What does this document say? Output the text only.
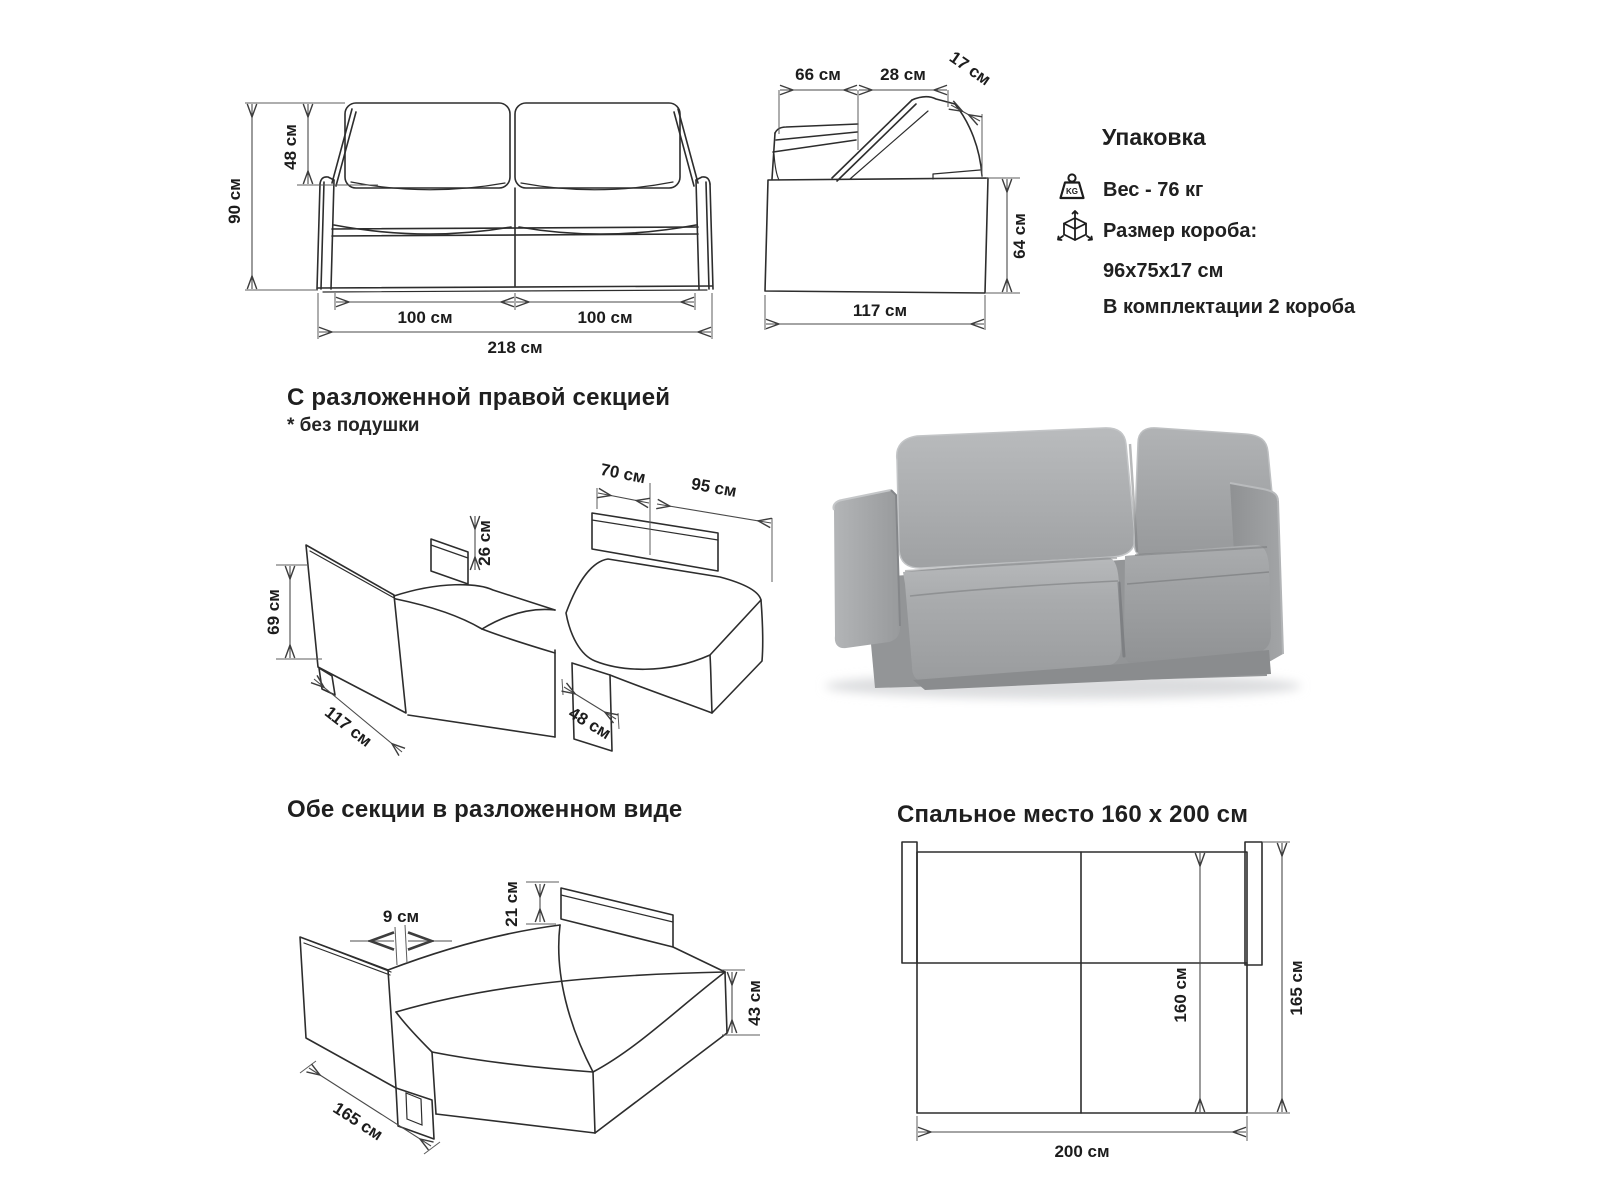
90 см
48 см
100 см	100 см
218 см
66 см 28 см 17 см
64 см
117 см
Упаковка
KG Вес - 76 кг
Размер короба:
96x75x17 см
В комплектации 2 короба
С разложенной правой секцией
* без подушки
69 см
117 см
26 см
70 см
95 см
48 см
Обе секции в разложенном виде
9 см	21 см
43 см
165 см
Спальное место 160 x 200 см
160 см	165 см
200 см
